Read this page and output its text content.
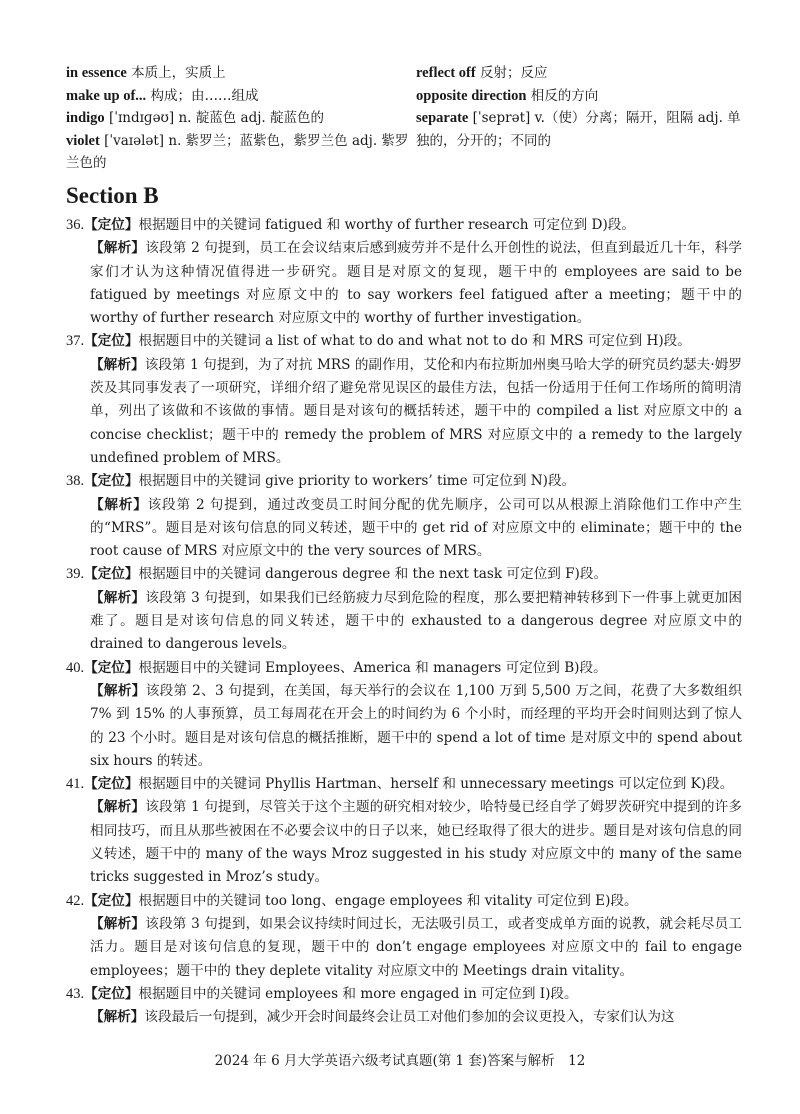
in essence 本质上，实质上
make up of... 构成；由……组成
indigo [ˈɪndɪɡəʊ] n. 靛蓝色 adj. 靛蓝色的
violet [ˈvaɪələt] n. 紫罗兰；蓝紫色，紫罗兰色 adj. 紫罗兰色的
reflect off 反射；反应
opposite direction 相反的方向
separate [ˈseprət] v.（使）分离；隔开，阻隔 adj. 单独的，分开的；不同的
Section B

36.【定位】根据题目中的关键词 fatigued 和 worthy of further research 可定位到 D)段。

【解析】该段第 2 句提到，员工在会议结束后感到疲劳并不是什么开创性的说法，但直到最近几十年，科学家们才认为这种情况值得进一步研究。题目是对原文的复现，题干中的 employees are said to be fatigued by meetings 对应原文中的 to say workers feel fatigued after a meeting；题干中的 worthy of further research 对应原文中的 worthy of further investigation。

37.【定位】根据题目中的关键词 a list of what to do and what not to do 和 MRS 可定位到 H)段。

【解析】该段第 1 句提到，为了对抗 MRS 的副作用，艾伦和内布拉斯加州奥马哈大学的研究员约瑟夫·姆罗茨及其同事发表了一项研究，详细介绍了避免常见误区的最佳方法，包括一份适用于任何工作场所的简明清单，列出了该做和不该做的事情。题目是对该句的概括转述，题干中的 compiled a list 对应原文中的 a concise checklist；题干中的 remedy the problem of MRS 对应原文中的 a remedy to the largely undefined problem of MRS。

38.【定位】根据题目中的关键词 give priority to workers’ time 可定位到 N)段。

【解析】该段第 2 句提到，通过改变员工时间分配的优先顺序，公司可以从根源上消除他们工作中产生的“MRS”。题目是对该句信息的同义转述，题干中的 get rid of 对应原文中的 eliminate；题干中的 the root cause of MRS 对应原文中的 the very sources of MRS。

39.【定位】根据题目中的关键词 dangerous degree 和 the next task 可定位到 F)段。

【解析】该段第 3 句提到，如果我们已经筋疲力尽到危险的程度，那么要把精神转移到下一件事上就更加困难了。题目是对该句信息的同义转述，题干中的 exhausted to a dangerous degree 对应原文中的 drained to dangerous levels。

40.【定位】根据题目中的关键词 Employees、America 和 managers 可定位到 B)段。

【解析】该段第 2、3 句提到，在美国，每天举行的会议在 1,100 万到 5,500 万之间，花费了大多数组织 7% 到 15% 的人事预算，员工每周花在开会上的时间约为 6 个小时，而经理的平均开会时间则达到了惊人的 23 个小时。题目是对该句信息的概括推断，题干中的 spend a lot of time 是对原文中的 spend about six hours 的转述。

41.【定位】根据题目中的关键词 Phyllis Hartman、herself 和 unnecessary meetings 可以定位到 K)段。

【解析】该段第 1 句提到，尽管关于这个主题的研究相对较少，哈特曼已经自学了姆罗茨研究中提到的许多相同技巧，而且从那些被困在不必要会议中的日子以来，她已经取得了很大的进步。题目是对该句信息的同义转述，题干中的 many of the ways Mroz suggested in his study 对应原文中的 many of the same tricks suggested in Mroz’s study。

42.【定位】根据题目中的关键词 too long、engage employees 和 vitality 可定位到 E)段。

【解析】该段第 3 句提到，如果会议持续时间过长，无法吸引员工，或者变成单方面的说教，就会耗尽员工活力。题目是对该句信息的复现，题干中的 don’t engage employees 对应原文中的 fail to engage employees；题干中的 they deplete vitality 对应原文中的 Meetings drain vitality。

43.【定位】根据题目中的关键词 employees 和 more engaged in 可定位到 I)段。

【解析】该段最后一句提到，减少开会时间最终会让员工对他们参加的会议更投入，专家们认为这

2024 年 6 月大学英语六级考试真题(第 1 套)答案与解析　12
